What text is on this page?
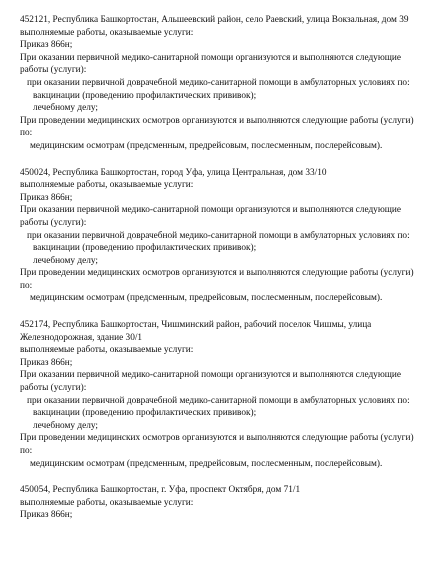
452121, Республика Башкортостан, Альшеевский район, село Раевский, улица Вокзальная, дом 39
выполняемые работы, оказываемые услуги:
Приказ 866н;
При оказании первичной медико-санитарной помощи организуются и выполняются следующие работы (услуги):
при оказании первичной доврачебной медико-санитарной помощи в амбулаторных условиях по:
вакцинации (проведению профилактических прививок);
лечебному делу;
При проведении медицинских осмотров организуются и выполняются следующие работы (услуги) по:
медицинским осмотрам (предсменным, предрейсовым, послесменным, послерейсовым).
450024, Республика Башкортостан, город Уфа, улица Центральная, дом 33/10
выполняемые работы, оказываемые услуги:
Приказ 866н;
При оказании первичной медико-санитарной помощи организуются и выполняются следующие работы (услуги):
при оказании первичной доврачебной медико-санитарной помощи в амбулаторных условиях по:
вакцинации (проведению профилактических прививок);
лечебному делу;
При проведении медицинских осмотров организуются и выполняются следующие работы (услуги) по:
медицинским осмотрам (предсменным, предрейсовым, послесменным, послерейсовым).
452174, Республика Башкортостан, Чишминский район, рабочий поселок Чишмы, улица Железнодорожная, здание 30/1
выполняемые работы, оказываемые услуги:
Приказ 866н;
При оказании первичной медико-санитарной помощи организуются и выполняются следующие работы (услуги):
при оказании первичной доврачебной медико-санитарной помощи в амбулаторных условиях по:
вакцинации (проведению профилактических прививок);
лечебному делу;
При проведении медицинских осмотров организуются и выполняются следующие работы (услуги) по:
медицинским осмотрам (предсменным, предрейсовым, послесменным, послерейсовым).
450054, Республика Башкортостан, г. Уфа, проспект Октября, дом 71/1
выполняемые работы, оказываемые услуги:
Приказ 866н;
